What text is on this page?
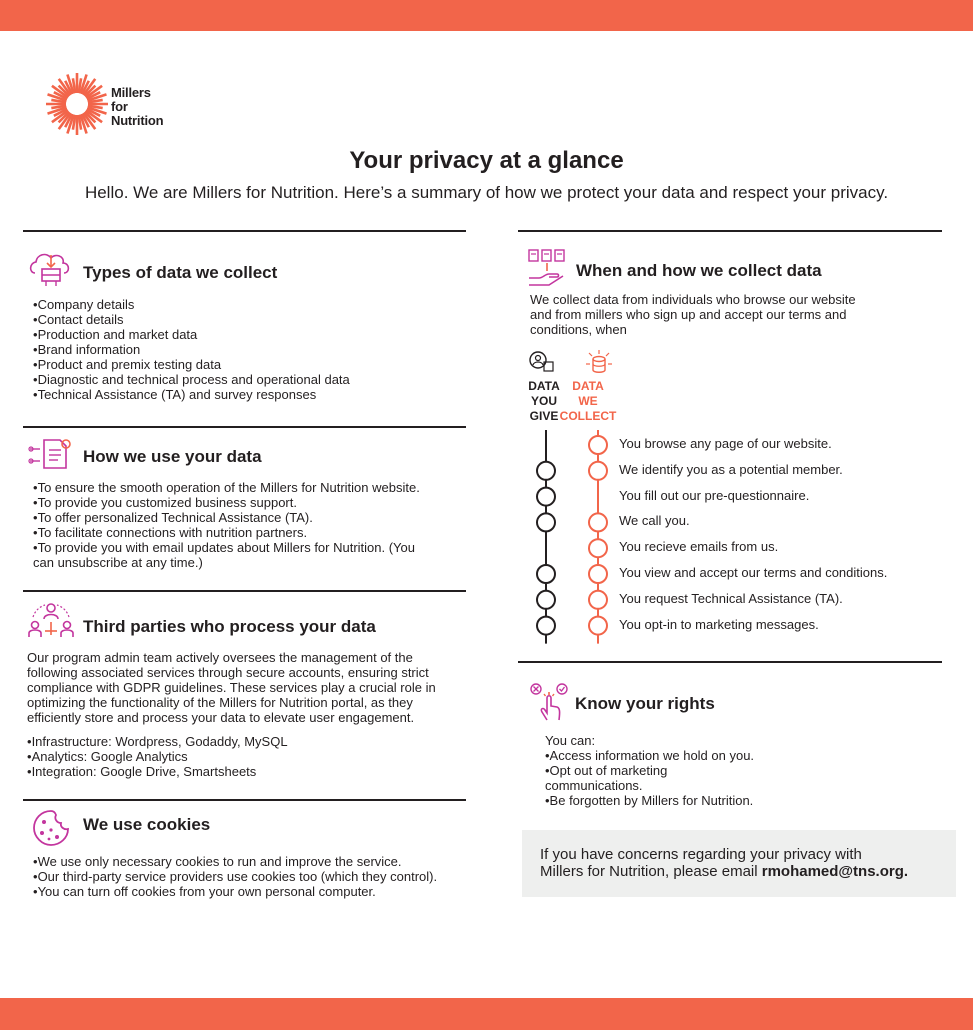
Millers
for
Nutrition
Your privacy at a glance

Hello. We are Millers for Nutrition. Here’s a summary of how we protect your data and respect your privacy.

Types of data we collect
• Company details
• Contact details
• Production and market data
• Brand information
• Product and premix testing data
• Diagnostic and technical process and operational data
• Technical Assistance (TA) and survey responses
How we use your data
• To ensure the smooth operation of the Millers for Nutrition website.
• To provide you customized business support.
• To offer personalized Technical Assistance (TA).
• To facilitate connections with nutrition partners.
• To provide you with email updates about Millers for Nutrition. (You
can unsubscribe at any time.)
Third parties who process your data
Our program admin team actively oversees the management of the
following associated services through secure accounts, ensuring strict
compliance with GDPR guidelines. These services play a crucial role in
optimizing the functionality of the Millers for Nutrition portal, as they
efficiently store and process your data to elevate user engagement.
• Infrastructure: Wordpress, Godaddy, MySQL
• Analytics: Google Analytics
• Integration: Google Drive, Smartsheets
We use cookies
• We use only necessary cookies to run and improve the service.
• Our third-party service providers use cookies too (which they control).
• You can turn off cookies from your own personal computer.
When and how we collect data
We collect data from individuals who browse our website
and from millers who sign up and accept our terms and
conditions, when
DATA
YOU
GIVE
DATA
WE
COLLECT
You browse any page of our website.
We identify you as a potential member.
You fill out our pre-questionnaire.
We call you.
You recieve emails from us.
You view and accept our terms and conditions.
You request Technical Assistance (TA).
You opt-in to marketing messages.
Know your rights
You can:
•Access information we hold on you.
•Opt out of marketing
communications.
•Be forgotten by Millers for Nutrition.

If you have concerns regarding your privacy with
Millers for Nutrition, please email rmohamed@tns.org.
